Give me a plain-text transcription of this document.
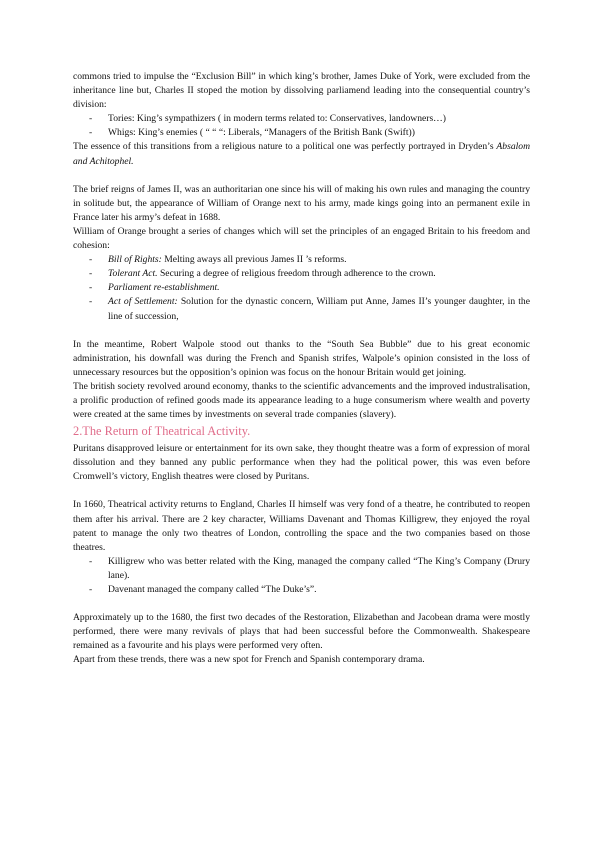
commons tried to impulse the “Exclusion Bill” in which king’s brother, James Duke of York, were excluded from the inheritance line but, Charles II stoped the motion by dissolving parliamend leading into the consequential country’s division:

- Tories: King’s sympathizers ( in modern terms related to: Conservatives, landowners…)
- Whigs: King’s enemies ( “ “ “: Liberals, “Managers of the British Bank (Swift))

The essence of this transitions from a religious nature to a political one was perfectly portrayed in Dryden’s Absalom and Achitophel.

The brief reigns of James II, was an authoritarian one since his will of making his own rules and managing the country in solitude but, the appearance of William of Orange next to his army, made kings going into an permanent exile in France later his army’s defeat in 1688.

William of Orange brought a series of changes which will set the principles of an engaged Britain to his freedom and cohesion:

- Bill of Rights: Melting aways all previous James II ’s reforms.
- Tolerant Act. Securing a degree of religious freedom through adherence to the crown.
- Parliament re-establishment.
- Act of Settlement: Solution for the dynastic concern, William put Anne, James II’s younger daughter, in the line of succession,

In the meantime, Robert Walpole stood out thanks to the “South Sea Bubble” due to his great economic administration, his downfall was during the French and Spanish strifes, Walpole’s opinion consisted in the loss of unnecessary resources but the opposition’s opinion was focus on the honour Britain would get joining.

The british society revolved around economy, thanks to the scientific advancements and the improved industralisation, a prolific production of refined goods made its appearance leading to a huge consumerism where wealth and poverty were created at the same times by investments on several trade companies (slavery).

2.The Return of Theatrical Activity.

Puritans disapproved leisure or entertainment for its own sake, they thought theatre was a form of expression of moral dissolution and they banned any public performance when they had the political power, this was even before Cromwell’s victory, English theatres were closed by Puritans.

In 1660, Theatrical activity returns to England, Charles II himself was very fond of a theatre, he contributed to reopen them after his arrival. There are 2 key character, Williams Davenant and Thomas Killigrew, they enjoyed the royal patent to manage the only two theatres of London, controlling the space and the two companies based on those theatres.

- Killigrew who was better related with the King, managed the company called “The King’s Company (Drury lane).
- Davenant managed the company called “The Duke’s”.

Approximately up to the 1680, the first two decades of the Restoration, Elizabethan and Jacobean drama were mostly performed, there were many revivals of plays that had been successful before the Commonwealth. Shakespeare remained as a favourite and his plays were performed very often.

Apart from these trends, there was a new spot for French and Spanish contemporary drama.
